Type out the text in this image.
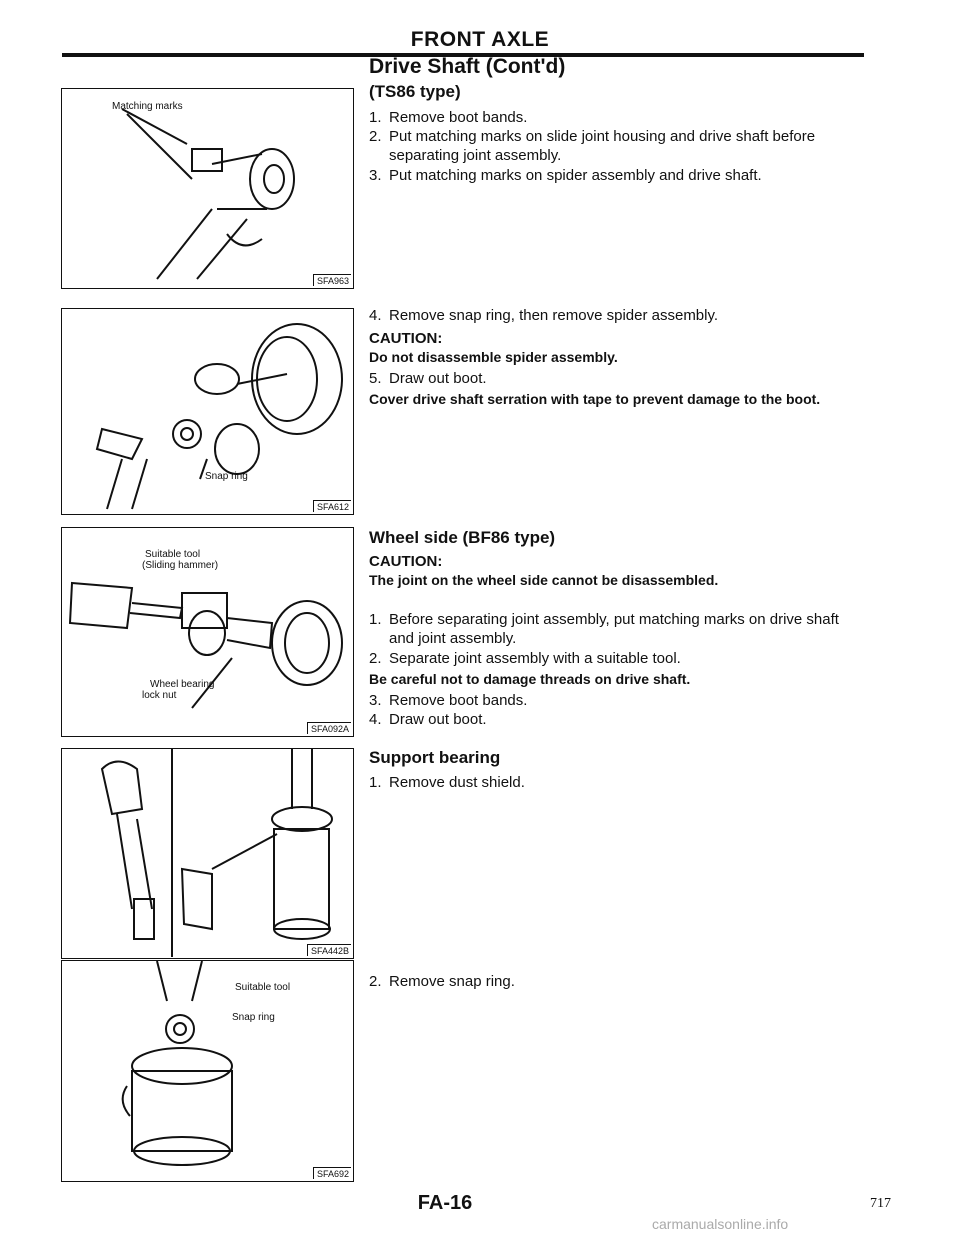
FRONT AXLE
Drive Shaft (Cont'd)
(TS86 type)
1. Remove boot bands.
2. Put matching marks on slide joint housing and drive shaft before separating joint assembly.
3. Put matching marks on spider assembly and drive shaft.
4. Remove snap ring, then remove spider assembly.
CAUTION:
Do not disassemble spider assembly.
5. Draw out boot.
Cover drive shaft serration with tape to prevent damage to the boot.
Wheel side (BF86 type)
CAUTION:
The joint on the wheel side cannot be disassembled.
1. Before separating joint assembly, put matching marks on drive shaft and joint assembly.
2. Separate joint assembly with a suitable tool.
Be careful not to damage threads on drive shaft.
3. Remove boot bands.
4. Draw out boot.
Support bearing
1. Remove dust shield.
2. Remove snap ring.
Matching marks
SFA963
Snap ring
SFA612
Suitable tool
(Sliding hammer)
Wheel bearing
lock nut
SFA092A
SFA442B
Suitable tool
Snap ring
SFA692
FA-16	717
carmanualsonline.info
